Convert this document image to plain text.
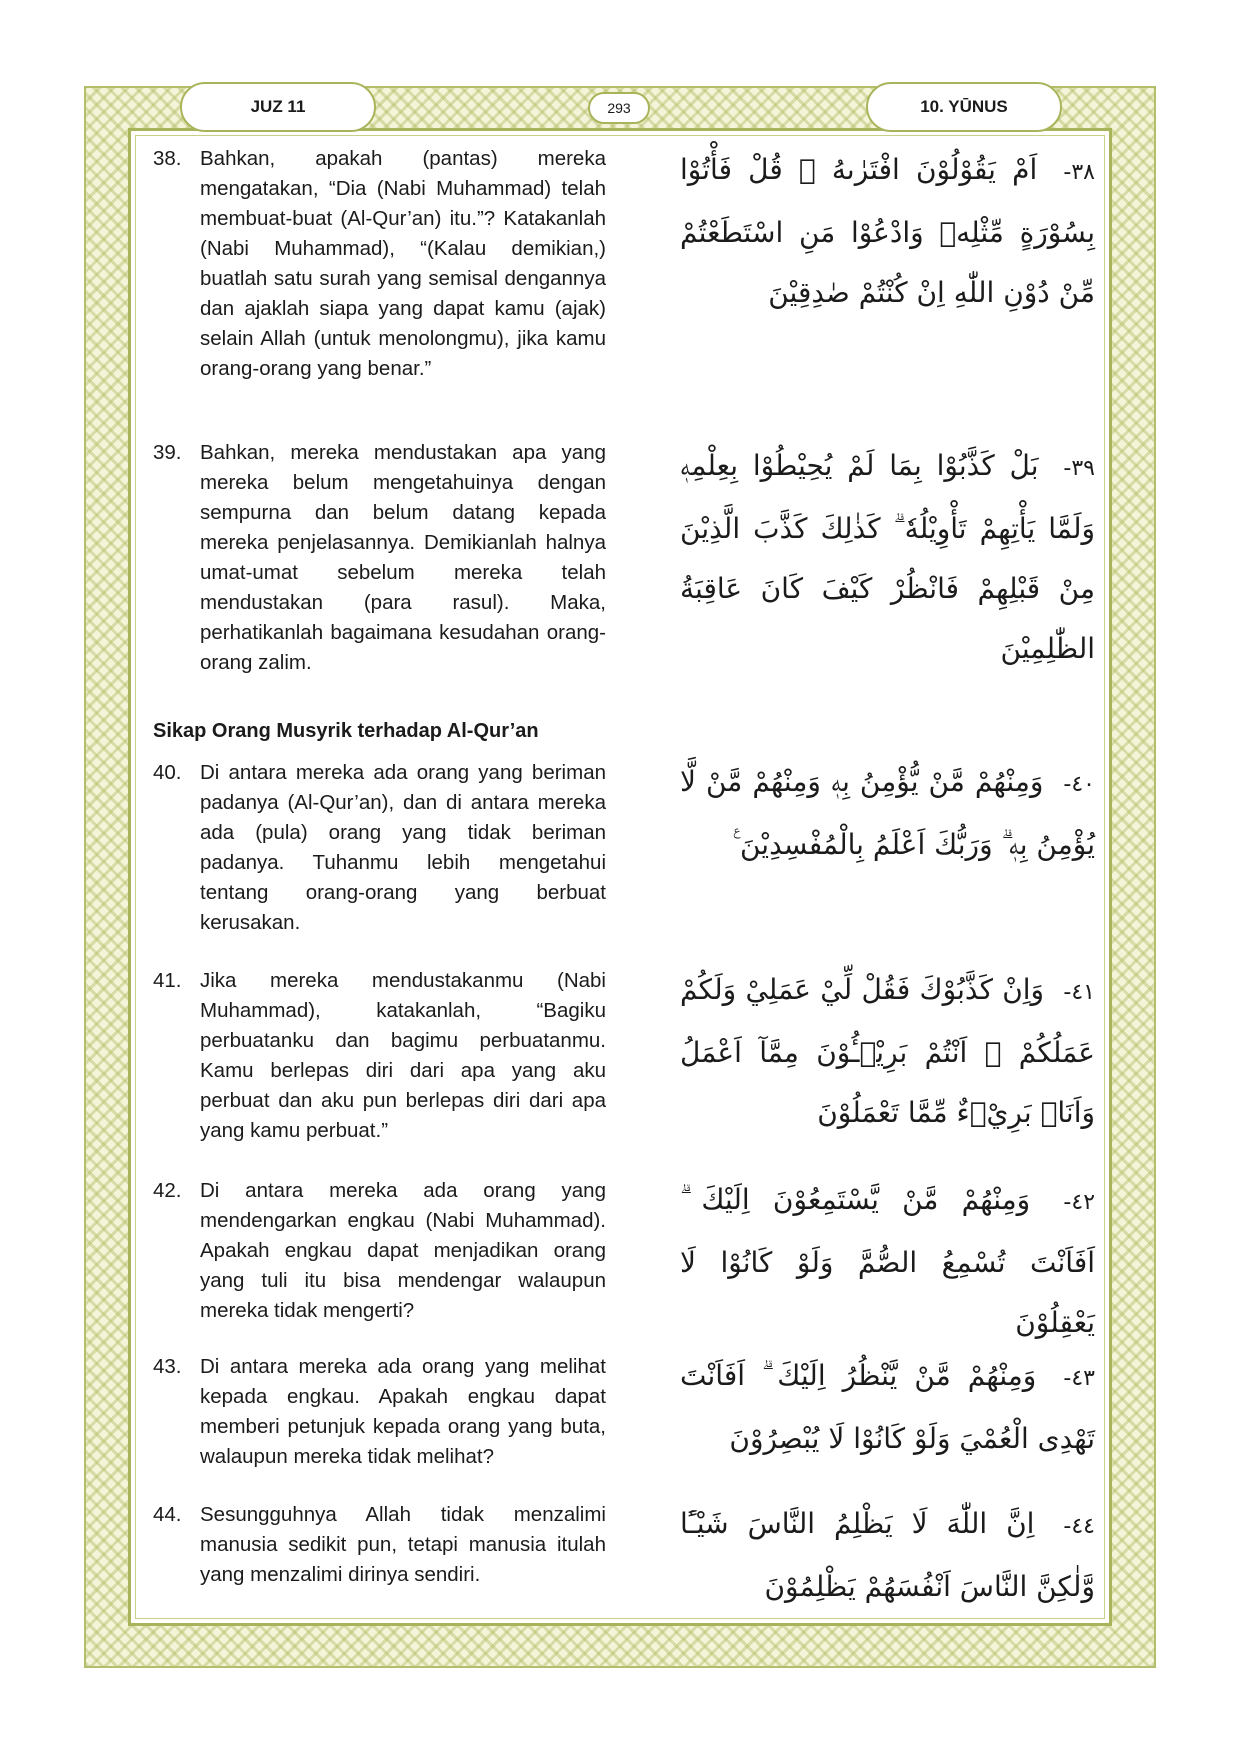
JUZ 11	293	10. YŪNUS
38. Bahkan, apakah (pantas) mereka mengatakan, “Dia (Nabi Muhammad) telah membuat-buat (Al-Qur’an) itu.”? Katakanlah (Nabi Muhammad), “(Kalau demikian,) buatlah satu surah yang semisal dengannya dan ajaklah siapa yang dapat kamu (ajak) selain Allah (untuk menolongmu), jika kamu orang-orang yang benar.”
٣٨- اَمْ يَقُوْلُوْنَ افْتَرٰىهُ ۗ قُلْ فَأْتُوْا بِسُوْرَةٍ مِّثْلِهٖ وَادْعُوْا مَنِ اسْتَطَعْتُمْ مِّنْ دُوْنِ اللّٰهِ اِنْ كُنْتُمْ صٰدِقِيْنَ
39. Bahkan, mereka mendustakan apa yang mereka belum mengetahuinya dengan sempurna dan belum datang kepada mereka penjelasannya. Demikianlah halnya umat-umat sebelum mereka telah mendustakan (para rasul). Maka, perhatikanlah bagaimana kesudahan orang-orang zalim.
٣٩- بَلْ كَذَّبُوْا بِمَا لَمْ يُحِيْطُوْا بِعِلْمِهٖ وَلَمَّا يَأْتِهِمْ تَأْوِيْلُهٗ ۗ كَذٰلِكَ كَذَّبَ الَّذِيْنَ مِنْ قَبْلِهِمْ فَانْظُرْ كَيْفَ كَانَ عَاقِبَةُ الظّٰلِمِيْنَ
Sikap Orang Musyrik terhadap Al-Qur’an
40. Di antara mereka ada orang yang beriman padanya (Al-Qur’an), dan di antara mereka ada (pula) orang yang tidak beriman padanya. Tuhanmu lebih mengetahui tentang orang-orang yang berbuat kerusakan.
٤٠- وَمِنْهُمْ مَّنْ يُّؤْمِنُ بِهٖ وَمِنْهُمْ مَّنْ لَّا يُؤْمِنُ بِهٖ ۗ وَرَبُّكَ اَعْلَمُ بِالْمُفْسِدِيْنَ ࣖ
41. Jika mereka mendustakanmu (Nabi Muhammad), katakanlah, “Bagiku perbuatanku dan bagimu perbuatanmu. Kamu berlepas diri dari apa yang aku perbuat dan aku pun berlepas diri dari apa yang kamu perbuat.”
٤١- وَاِنْ كَذَّبُوْكَ فَقُلْ لِّيْ عَمَلِيْ وَلَكُمْ عَمَلُكُمْ ۚ اَنْتُمْ بَرِيْۤـُٔوْنَ مِمَّآ اَعْمَلُ وَاَنَا۠ بَرِيْۤءٌ مِّمَّا تَعْمَلُوْنَ
42. Di antara mereka ada orang yang mendengarkan engkau (Nabi Muhammad). Apakah engkau dapat menjadikan orang yang tuli itu bisa mendengar walaupun mereka tidak mengerti?
٤٢- وَمِنْهُمْ مَّنْ يَّسْتَمِعُوْنَ اِلَيْكَ ۗ اَفَاَنْتَ تُسْمِعُ الصُّمَّ وَلَوْ كَانُوْا لَا يَعْقِلُوْنَ
43. Di antara mereka ada orang yang melihat kepada engkau. Apakah engkau dapat memberi petunjuk kepada orang yang buta, walaupun mereka tidak melihat?
٤٣- وَمِنْهُمْ مَّنْ يَّنْظُرُ اِلَيْكَ ۗ اَفَاَنْتَ تَهْدِى الْعُمْيَ وَلَوْ كَانُوْا لَا يُبْصِرُوْنَ
44. Sesungguhnya Allah tidak menzalimi manusia sedikit pun, tetapi manusia itulah yang menzalimi dirinya sendiri.
٤٤- اِنَّ اللّٰهَ لَا يَظْلِمُ النَّاسَ شَيْـًٔا وَّلٰكِنَّ النَّاسَ اَنْفُسَهُمْ يَظْلِمُوْنَ
